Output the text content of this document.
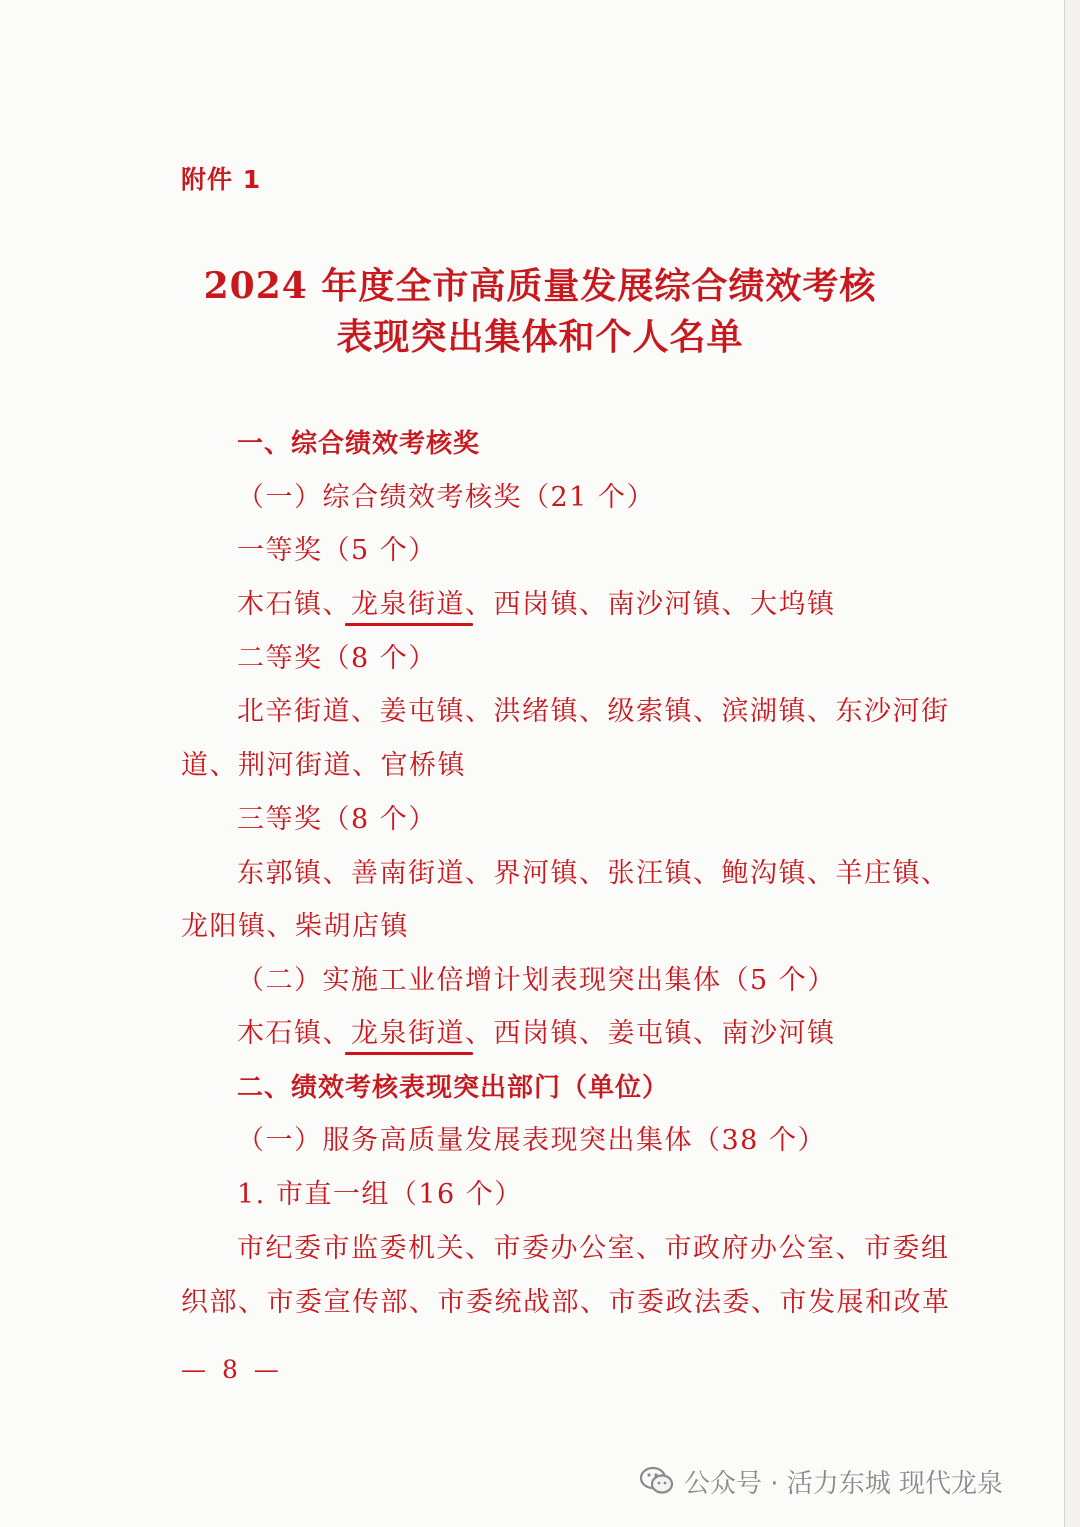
附件 1
2024 年度全市高质量发展综合绩效考核
表现突出集体和个人名单
一、综合绩效考核奖
（一）综合绩效考核奖（21 个）
一等奖（5 个）
木石镇、龙泉街道、西岗镇、南沙河镇、大坞镇
二等奖（8 个）
北辛街道、姜屯镇、洪绪镇、级索镇、滨湖镇、东沙河街
道、荆河街道、官桥镇
三等奖（8 个）
东郭镇、善南街道、界河镇、张汪镇、鲍沟镇、羊庄镇、
龙阳镇、柴胡店镇
（二）实施工业倍增计划表现突出集体（5 个）
木石镇、龙泉街道、西岗镇、姜屯镇、南沙河镇
二、绩效考核表现突出部门（单位）
（一）服务高质量发展表现突出集体（38 个）
1. 市直一组（16 个）
市纪委市监委机关、市委办公室、市政府办公室、市委组
织部、市委宣传部、市委统战部、市委政法委、市发展和改革
— 8 —
公众号 · 活力东城 现代龙泉
